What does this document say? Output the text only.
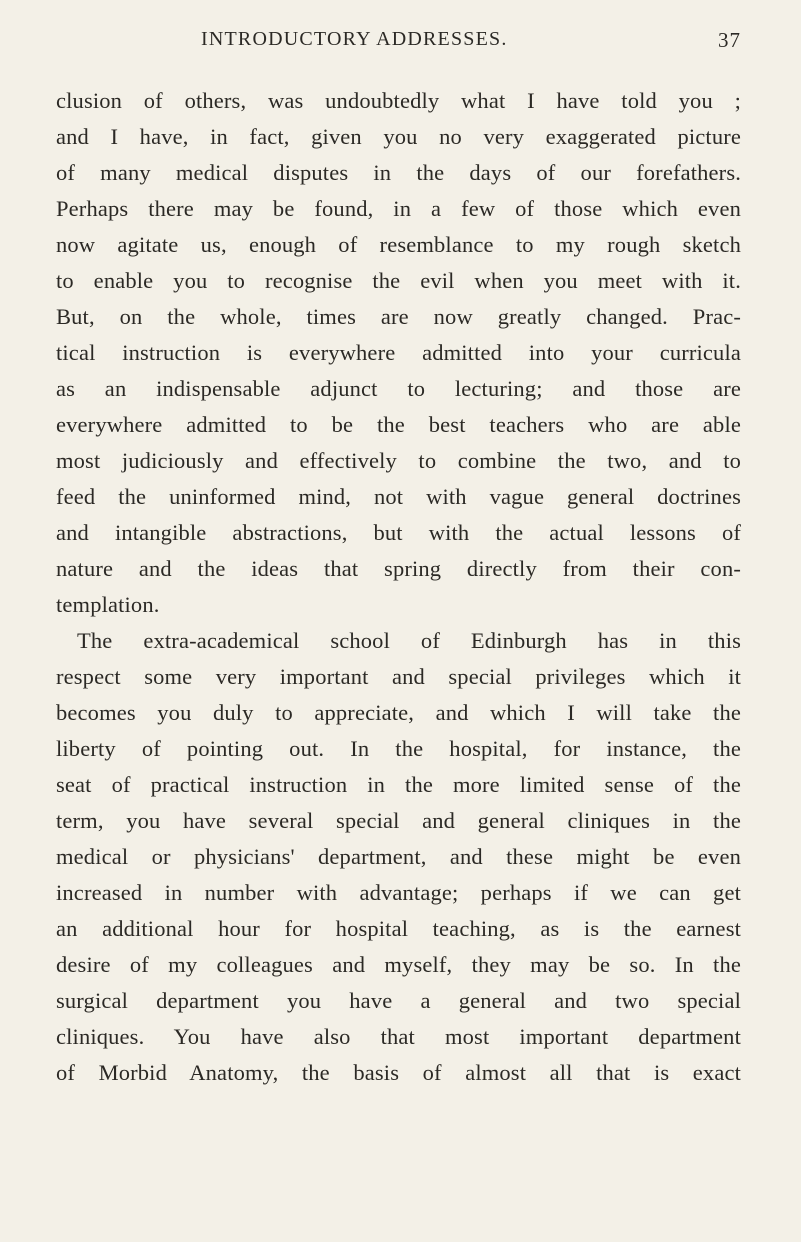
INTRODUCTORY ADDRESSES.	37
clusion of others, was undoubtedly what I have told you ;
and I have, in fact, given you no very exaggerated picture
of many medical disputes in the days of our forefathers.
Perhaps there may be found, in a few of those which even
now agitate us, enough of resemblance to my rough sketch
to enable you to recognise the evil when you meet with it.
But, on the whole, times are now greatly changed. Prac-
tical instruction is everywhere admitted into your curricula
as an indispensable adjunct to lecturing; and those are
everywhere admitted to be the best teachers who are able
most judiciously and effectively to combine the two, and to
feed the uninformed mind, not with vague general doctrines
and intangible abstractions, but with the actual lessons of
nature and the ideas that spring directly from their con-
templation.
The extra-academical school of Edinburgh has in this
respect some very important and special privileges which it
becomes you duly to appreciate, and which I will take the
liberty of pointing out. In the hospital, for instance, the
seat of practical instruction in the more limited sense of the
term, you have several special and general cliniques in the
medical or physicians' department, and these might be even
increased in number with advantage; perhaps if we can get
an additional hour for hospital teaching, as is the earnest
desire of my colleagues and myself, they may be so. In the
surgical department you have a general and two special
cliniques. You have also that most important department
of Morbid Anatomy, the basis of almost all that is exact
